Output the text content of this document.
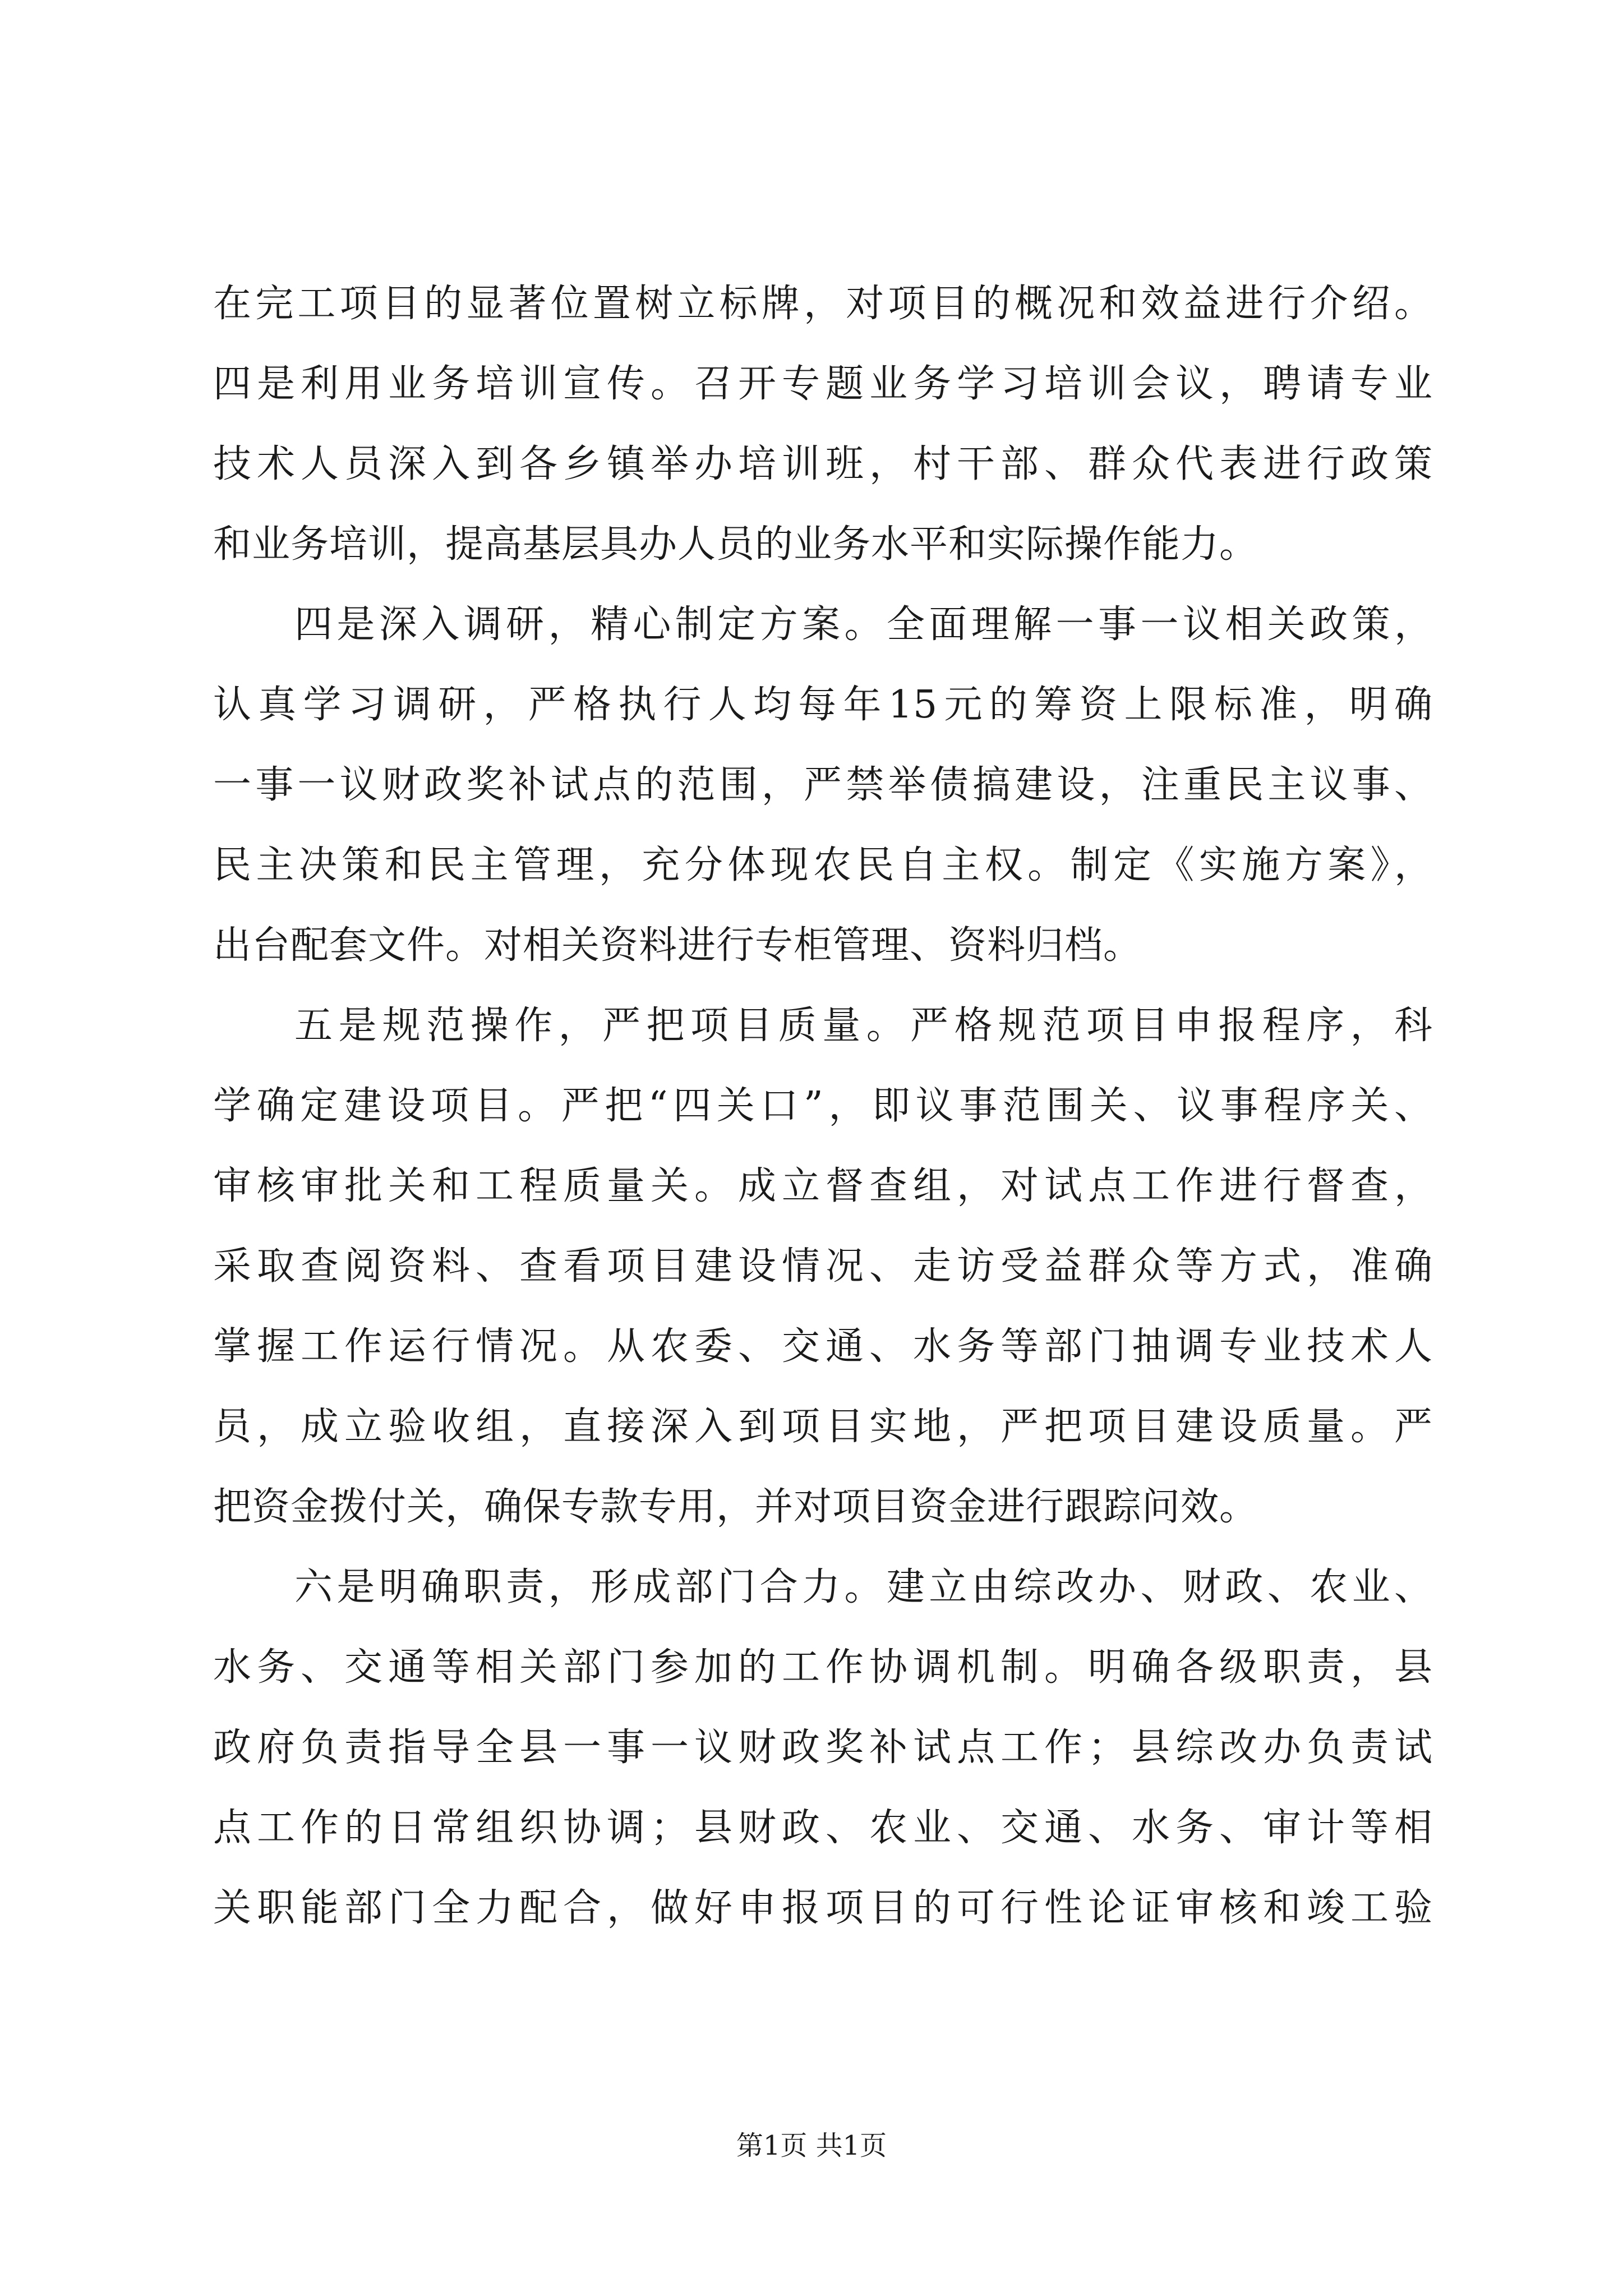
在完工项目的显著位置树立标牌，对项目的概况和效益进行介绍。
四是利用业务培训宣传。召开专题业务学习培训会议，聘请专业
技术人员深入到各乡镇举办培训班，村干部、群众代表进行政策
和业务培训，提高基层具办人员的业务水平和实际操作能力。
四是深入调研，精心制定方案。全面理解一事一议相关政策，
认真学习调研，严格执行人均每年15元的筹资上限标准，明确
一事一议财政奖补试点的范围，严禁举债搞建设，注重民主议事、
民主决策和民主管理，充分体现农民自主权。制定《实施方案》，
出台配套文件。对相关资料进行专柜管理、资料归档。
五是规范操作，严把项目质量。严格规范项目申报程序，科
学确定建设项目。严把“四关口”，即议事范围关、议事程序关、
审核审批关和工程质量关。成立督查组，对试点工作进行督查，
采取查阅资料、查看项目建设情况、走访受益群众等方式，准确
掌握工作运行情况。从农委、交通、水务等部门抽调专业技术人
员，成立验收组，直接深入到项目实地，严把项目建设质量。严
把资金拨付关，确保专款专用，并对项目资金进行跟踪问效。
六是明确职责，形成部门合力。建立由综改办、财政、农业、
水务、交通等相关部门参加的工作协调机制。明确各级职责，县
政府负责指导全县一事一议财政奖补试点工作；县综改办负责试
点工作的日常组织协调；县财政、农业、交通、水务、审计等相
关职能部门全力配合，做好申报项目的可行性论证审核和竣工验
第1页 共1页
